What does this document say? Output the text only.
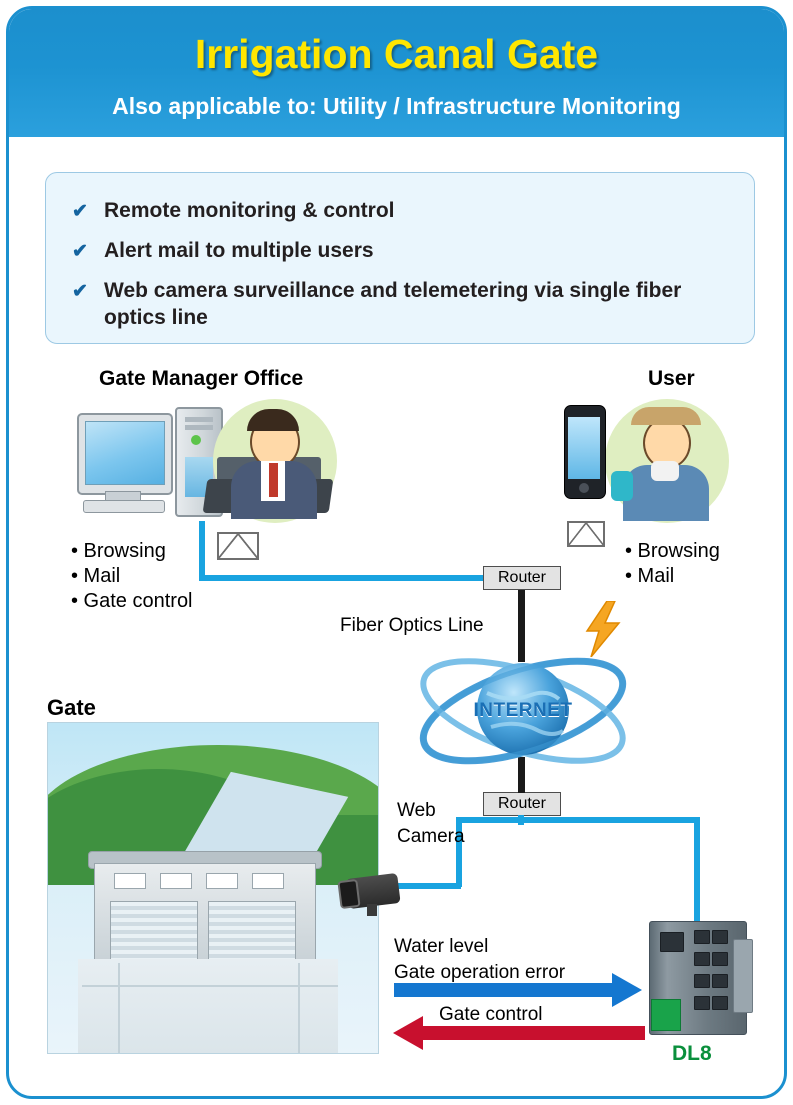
Irrigation Canal Gate
Also applicable to: Utility / Infrastructure Monitoring
✔ Remote monitoring & control
✔ Alert mail to multiple users
✔ Web camera surveillance and telemetering via single fiber optics line
Gate Manager Office	User
Gate
• Browsing
• Mail
• Gate control
• Browsing
• Mail
Router
Router
Fiber Optics Line
INTERNET
Web
Camera
DL8
Water level
Gate operation error
Gate control
